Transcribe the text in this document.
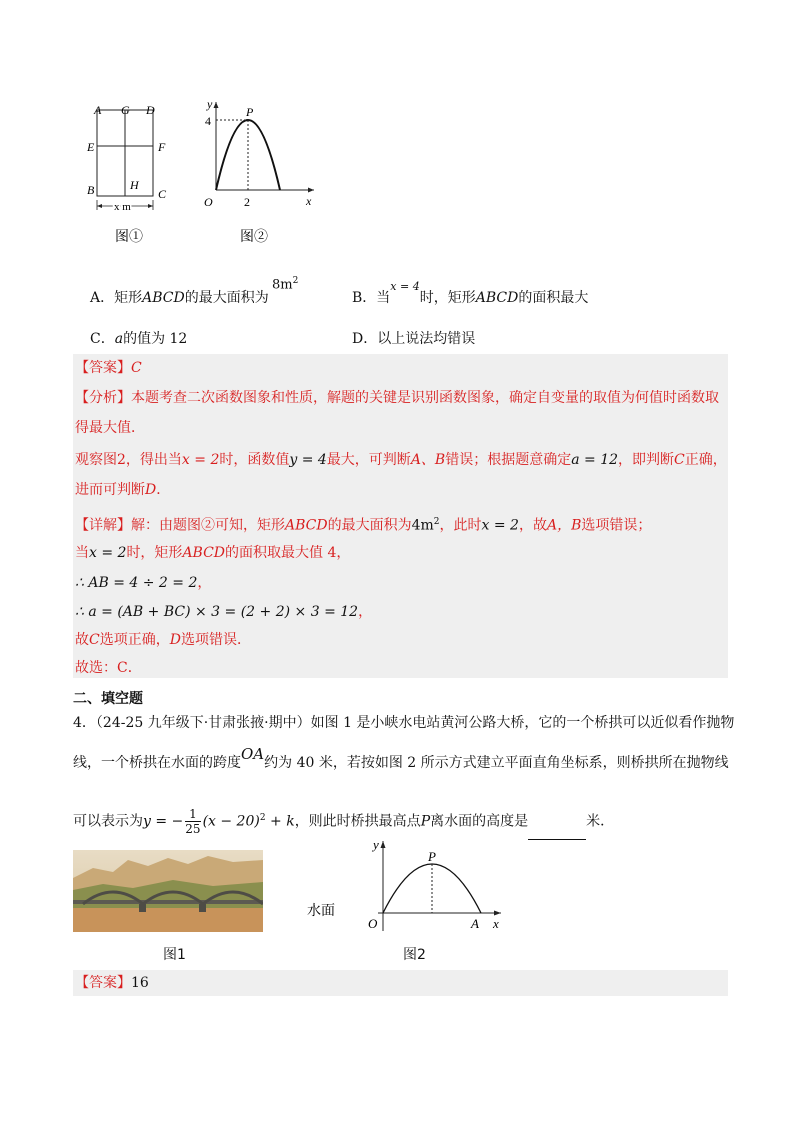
A G D
E	F
B	H
C
x m
图①
y
x
O
P
4
2
图②
A．矩形ABCD的最大面积为
$8m^2$
B．当$^{x = 4}$时，矩形ABCD的面积最大
C．a的值为 12	D．以上说法均错误
【答案】C
【分析】本题考查二次函数图象和性质，解题的关键是识别函数图象，确定自变量的取值为何值时函数取
得最大值．
观察图2，得出当x = 2时，函数值y = 4最大，可判断A、B错误；根据题意确定a = 12，即判断C正确，
进而可判断D．
【详解】解：由题图②可知，矩形ABCD的最大面积为$4m^2$，此时x = 2，故A，B选项错误；
当x = 2时，矩形ABCD的面积取最大值 4，
∴ AB = 4 ÷ 2 = 2，
∴ a = (AB + BC) × 3 = (2 + 2) × 3 = 12，
故C选项正确，D选项错误．
故选：C．
二、填空题
4．（24-25 九年级下·甘肃张掖·期中）如图 1 是小峡水电站黄河公路大桥，它的一个桥拱可以近似看作抛物
线，一个桥拱在水面的跨度OA约为 40 米，若按如图 2 所示方式建立平面直角坐标系，则桥拱所在抛物线
可以表示为y = − $\frac{1}{25} (x - 20)^2 + k$，则此时桥拱最高点P离水面的高度是	米．
图1
y
x
O
P
A
水面
图2
【答案】16
